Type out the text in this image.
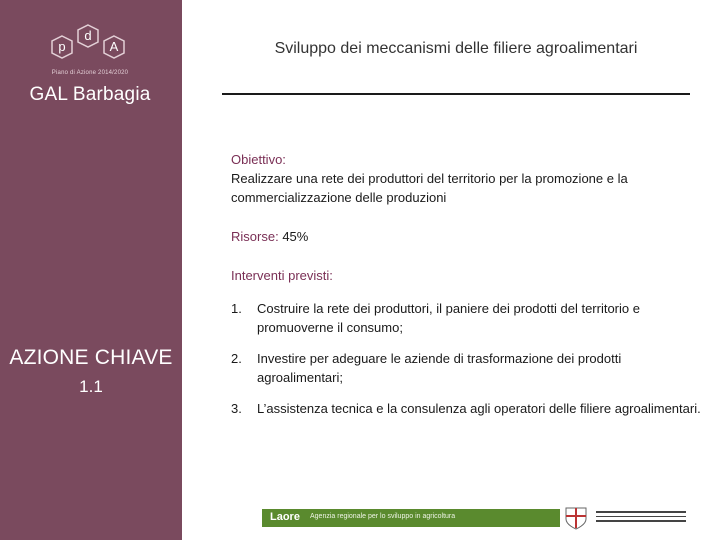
p
d
A
Piano di Azione 2014/2020
GAL Barbagia
AZIONE CHIAVE
1.1
Sviluppo dei meccanismi delle filiere agroalimentari

Obiettivo:
Realizzare una rete dei produttori del territorio per la promozione e la commercializzazione delle produzioni

Risorse: 45%

Interventi previsti:

1. Costruire la rete dei produttori, il paniere dei prodotti del territorio e promuoverne il consumo;
2. Investire per adeguare le aziende di trasformazione dei prodotti agroalimentari;
3. L’assistenza tecnica e la consulenza agli operatori delle filiere agroalimentari.
Laore Agenzia regionale per lo sviluppo in agricoltura
